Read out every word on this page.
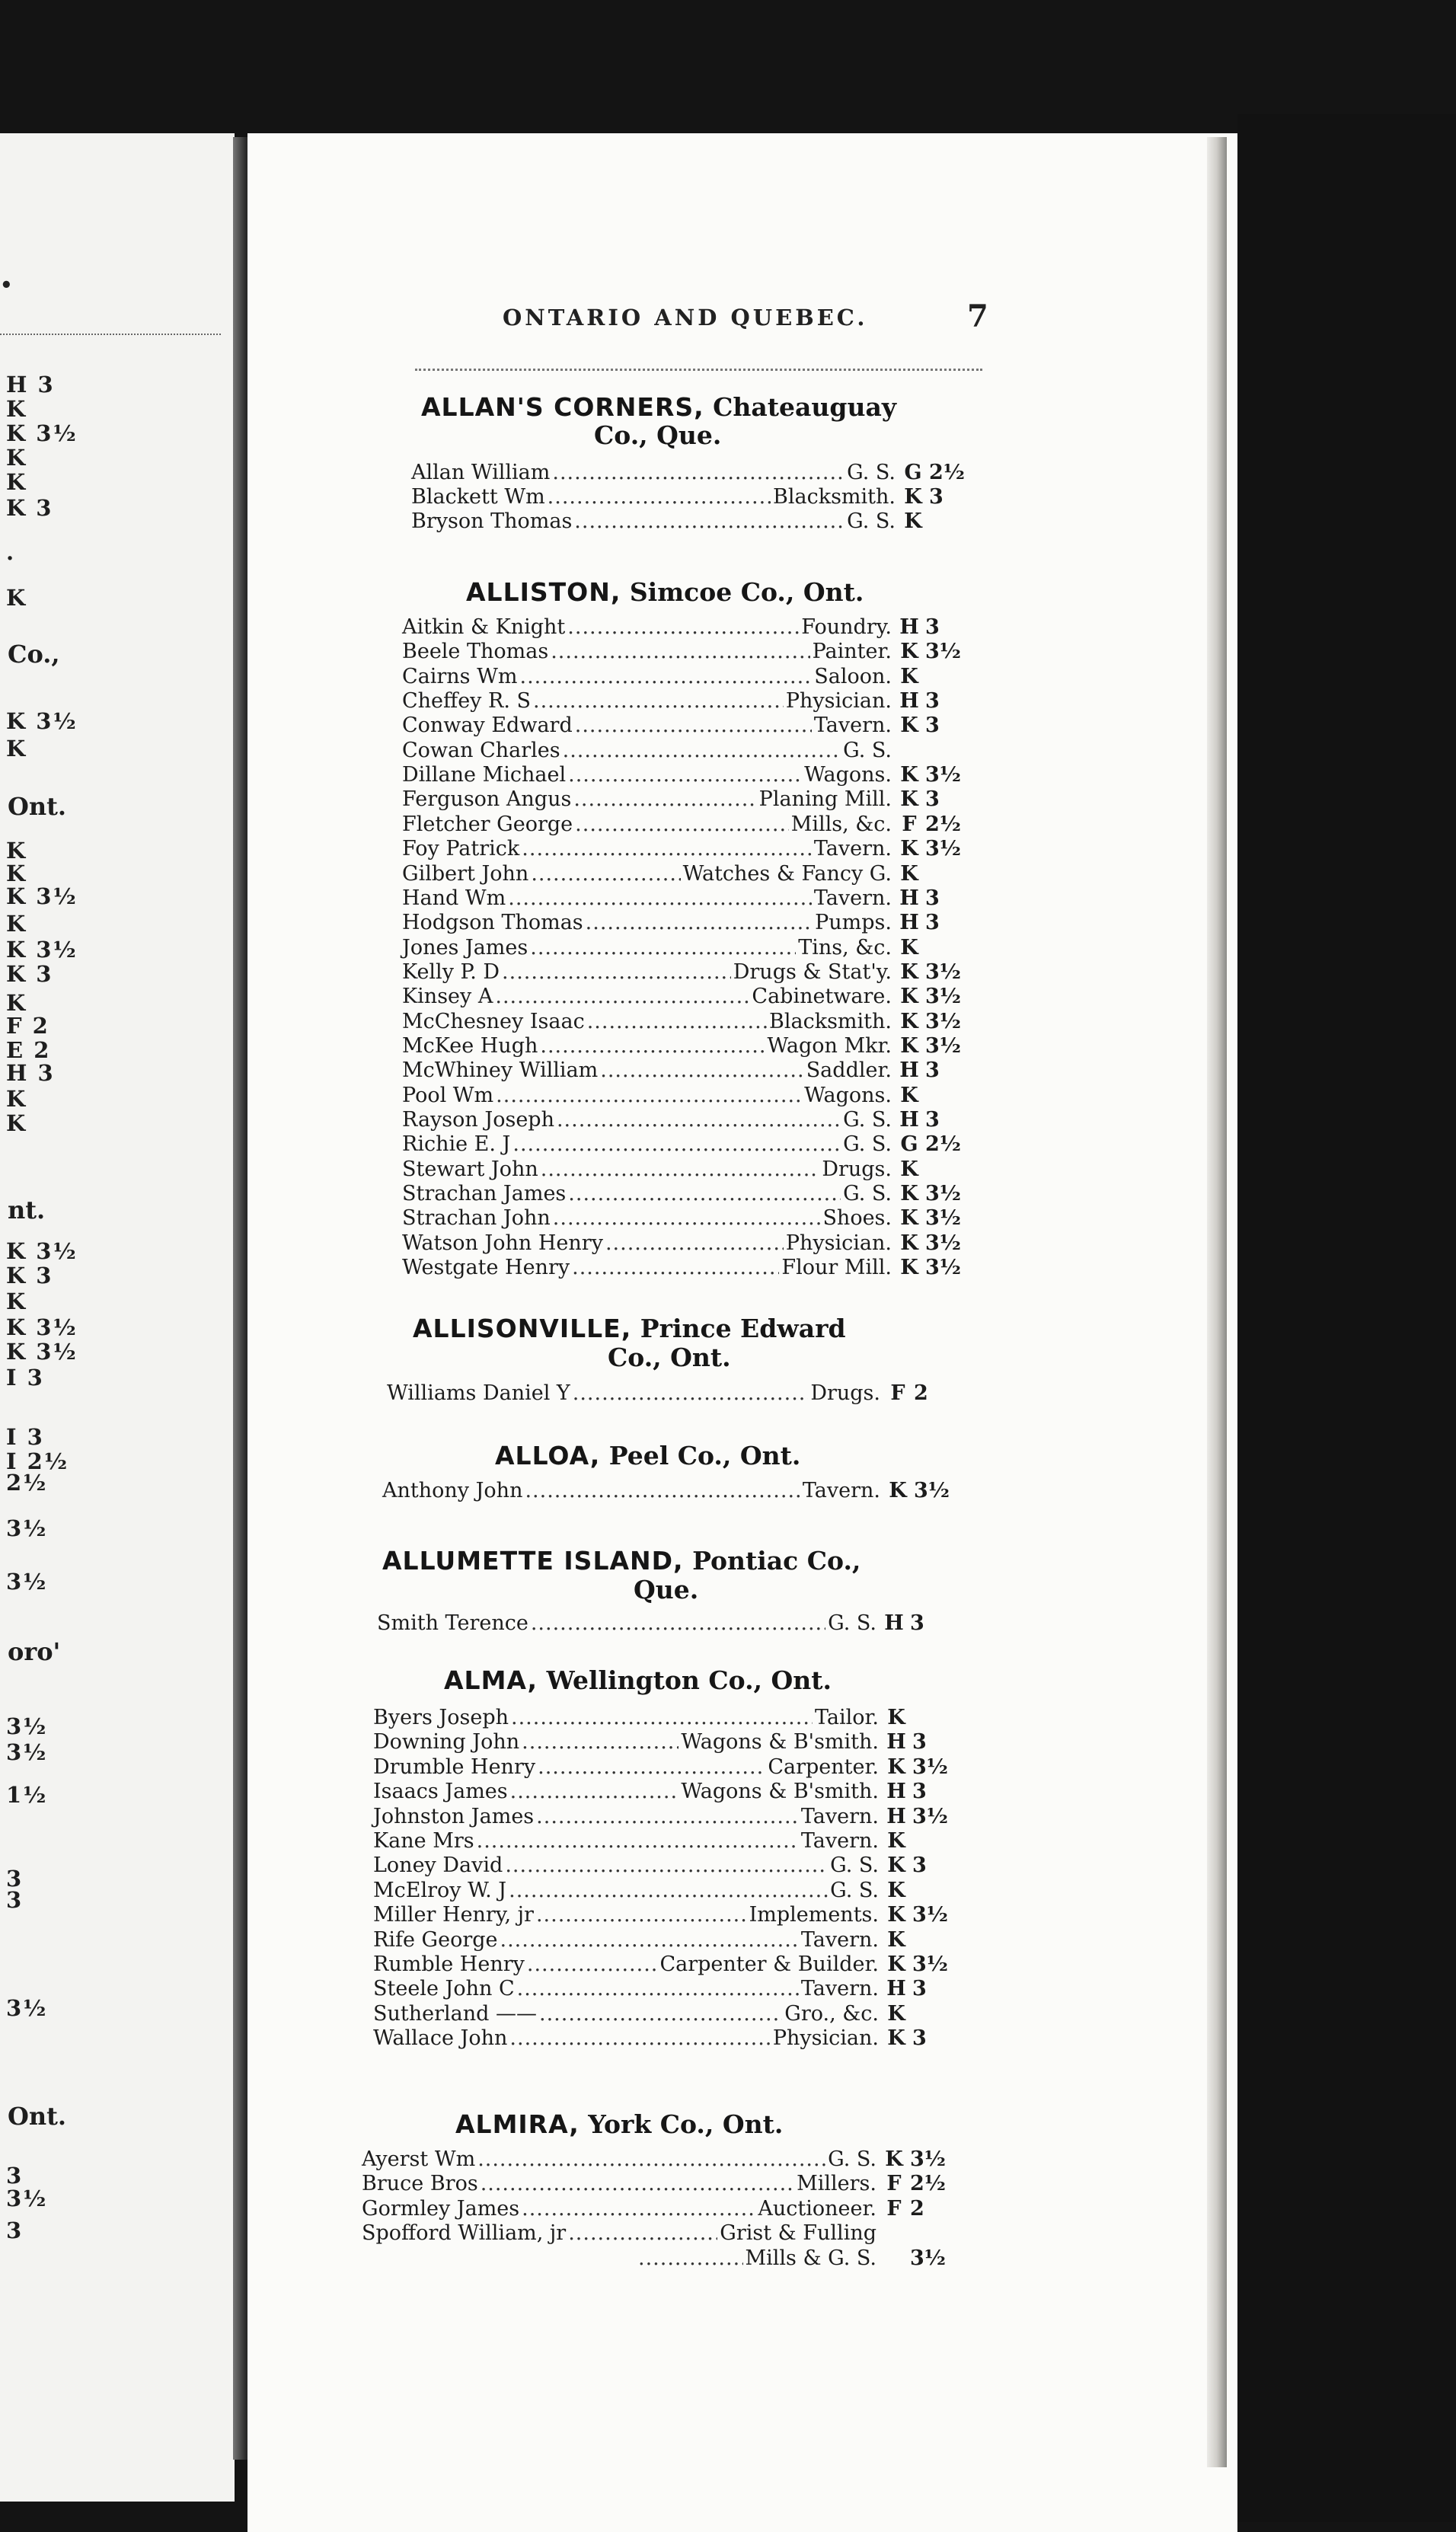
•
H 3
K
K 3½
K
K
K 3
.
K
Co.,
K 3½
K
Ont.
K
K
K 3½
K
K 3½
K 3
K
F 2
E 2
H 3
K
K
nt.
K 3½
K 3
K
K 3½
K 3½
I 3
I 3
I 2½
2½
3½
3½
oro'
3½
3½
1½
3
3
3½
Ont.
3
3½
3
ONTARIO AND QUEBEC.	7
ALLAN'S CORNERS, Chateauguay
Co., Que.
Allan William .....	G. S. G 2½
Blackett Wm .....	Blacksmith. K 3
Bryson Thomas .....	G. S. K
ALLISTON, Simcoe Co., Ont.
Aitkin & Knight .....	Foundry. H 3
Beele Thomas .....	Painter. K 3½
Cairns Wm .....	Saloon. K
Cheffey R. S .....	Physician. H 3
Conway Edward .....	Tavern. K 3
Cowan Charles .....	G. S.
Dillane Michael .....	Wagons. K 3½
Ferguson Angus .....	Planing Mill. K 3
Fletcher George .....	Mills, &c. F 2½
Foy Patrick .....	Tavern. K 3½
Gilbert John .....	Watches & Fancy G. K
Hand Wm .....	Tavern. H 3
Hodgson Thomas .....	Pumps. H 3
Jones James .....	Tins, &c. K
Kelly P. D .....	Drugs & Stat'y. K 3½
Kinsey A .....	Cabinetware. K 3½
McChesney Isaac .....	Blacksmith. K 3½
McKee Hugh .....	Wagon Mkr. K 3½
McWhiney William .....	Saddler. H 3
Pool Wm .....	Wagons. K
Rayson Joseph .....	G. S. H 3
Richie E. J .....	G. S. G 2½
Stewart John .....	Drugs. K
Strachan James .....	G. S. K 3½
Strachan John .....	Shoes. K 3½
Watson John Henry .....	Physician. K 3½
Westgate Henry .....	Flour Mill. K 3½
ALLISONVILLE, Prince Edward
Co., Ont.
Williams Daniel Y .....	Drugs. F 2
ALLOA, Peel Co., Ont.
Anthony John .....	Tavern. K 3½
ALLUMETTE ISLAND, Pontiac Co.,
Que.
Smith Terence .....	G. S. H 3
ALMA, Wellington Co., Ont.
Byers Joseph .....	Tailor. K
Downing John .....	Wagons & B'smith. H 3
Drumble Henry .....	Carpenter. K 3½
Isaacs James .....	Wagons & B'smith. H 3
Johnston James .....	Tavern. H 3½
Kane Mrs .....	Tavern. K
Loney David .....	G. S. K 3
McElroy W. J .....	G. S. K
Miller Henry, jr .....	Implements. K 3½
Rife George .....	Tavern. K
Rumble Henry .....	Carpenter & Builder. K 3½
Steele John C .....	Tavern. H 3
Sutherland —— .....	Gro., &c. K
Wallace John .....	Physician. K 3
ALMIRA, York Co., Ont.
Ayerst Wm .....	G. S. K 3½
Bruce Bros .....	Millers. F 2½
Gormley James .....	Auctioneer. F 2
Spofford William, jr .....	Grist & Fulling
.....
Mills & G. S. 3½
